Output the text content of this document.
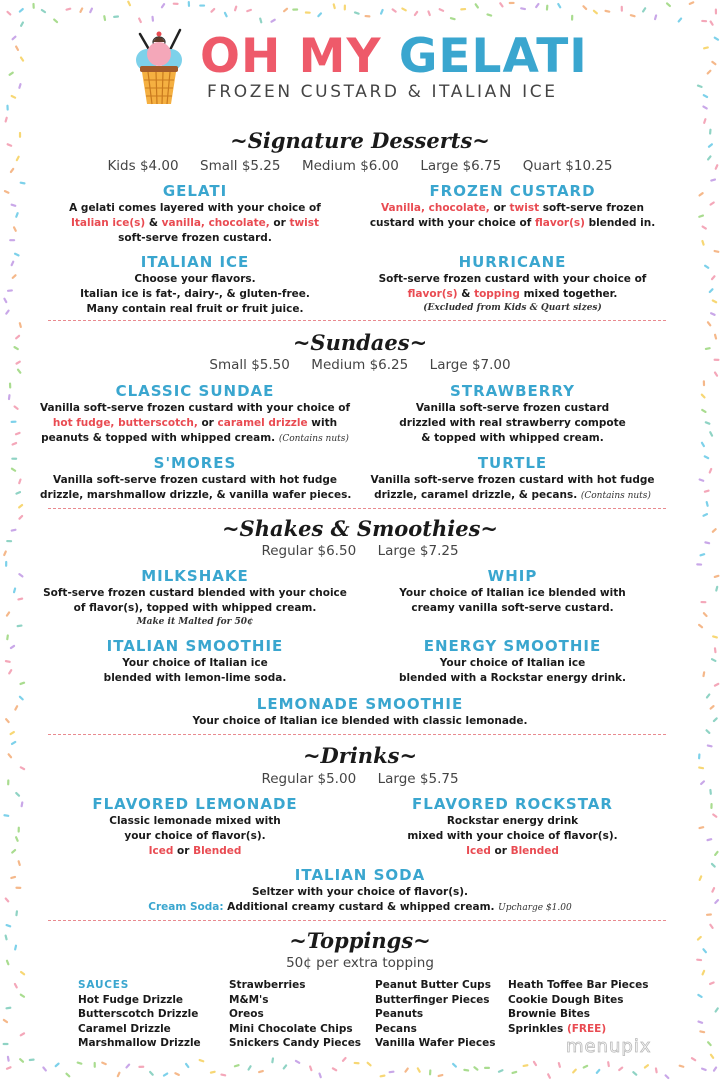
OH MY GELATI
FROZEN CUSTARD & ITALIAN ICE
~Signature Desserts~
Kids $4.00     Small $5.25     Medium $6.00     Large $6.75     Quart $10.25
GELATI
A gelati comes layered with your choice of
Italian ice(s) & vanilla, chocolate, or twist
soft-serve frozen custard.
FROZEN CUSTARD
Vanilla, chocolate, or twist soft-serve frozen
custard with your choice of flavor(s) blended in.
ITALIAN ICE
Choose your flavors.
Italian ice is fat-, dairy-, & gluten-free.
Many contain real fruit or fruit juice.
HURRICANE
Soft-serve frozen custard with your choice of
flavor(s) & topping mixed together.
(Excluded from Kids & Quart sizes)
~Sundaes~
Small $5.50     Medium $6.25     Large $7.00
CLASSIC SUNDAE
Vanilla soft-serve frozen custard with your choice of
hot fudge, butterscotch, or caramel drizzle with
peanuts & topped with whipped cream. (Contains nuts)
STRAWBERRY
Vanilla soft-serve frozen custard
drizzled with real strawberry compote
& topped with whipped cream.
S'MORES
Vanilla soft-serve frozen custard with hot fudge
drizzle, marshmallow drizzle, & vanilla wafer pieces.
TURTLE
Vanilla soft-serve frozen custard with hot fudge
drizzle, caramel drizzle, & pecans. (Contains nuts)
~Shakes & Smoothies~
Regular $6.50     Large $7.25
MILKSHAKE
Soft-serve frozen custard blended with your choice
of flavor(s), topped with whipped cream.
Make it Malted for 50¢
WHIP
Your choice of Italian ice blended with
creamy vanilla soft-serve custard.
ITALIAN SMOOTHIE
Your choice of Italian ice
blended with lemon-lime soda.
ENERGY SMOOTHIE
Your choice of Italian ice
blended with a Rockstar energy drink.
LEMONADE SMOOTHIE
Your choice of Italian ice blended with classic lemonade.
~Drinks~
Regular $5.00     Large $5.75
FLAVORED LEMONADE
Classic lemonade mixed with
your choice of flavor(s).
Iced or Blended
FLAVORED ROCKSTAR
Rockstar energy drink
mixed with your choice of flavor(s).
Iced or Blended
ITALIAN SODA
Seltzer with your choice of flavor(s).
Cream Soda: Additional creamy custard & whipped cream. Upcharge $1.00
~Toppings~
50¢ per extra topping
SAUCES
Hot Fudge Drizzle
Butterscotch Drizzle
Caramel Drizzle
Marshmallow Drizzle
Strawberries
M&M's
Oreos
Mini Chocolate Chips
Snickers Candy Pieces
Peanut Butter Cups
Butterfinger Pieces
Peanuts
Pecans
Vanilla Wafer Pieces
Heath Toffee Bar Pieces
Cookie Dough Bites
Brownie Bites
Sprinkles (FREE)
menupix
